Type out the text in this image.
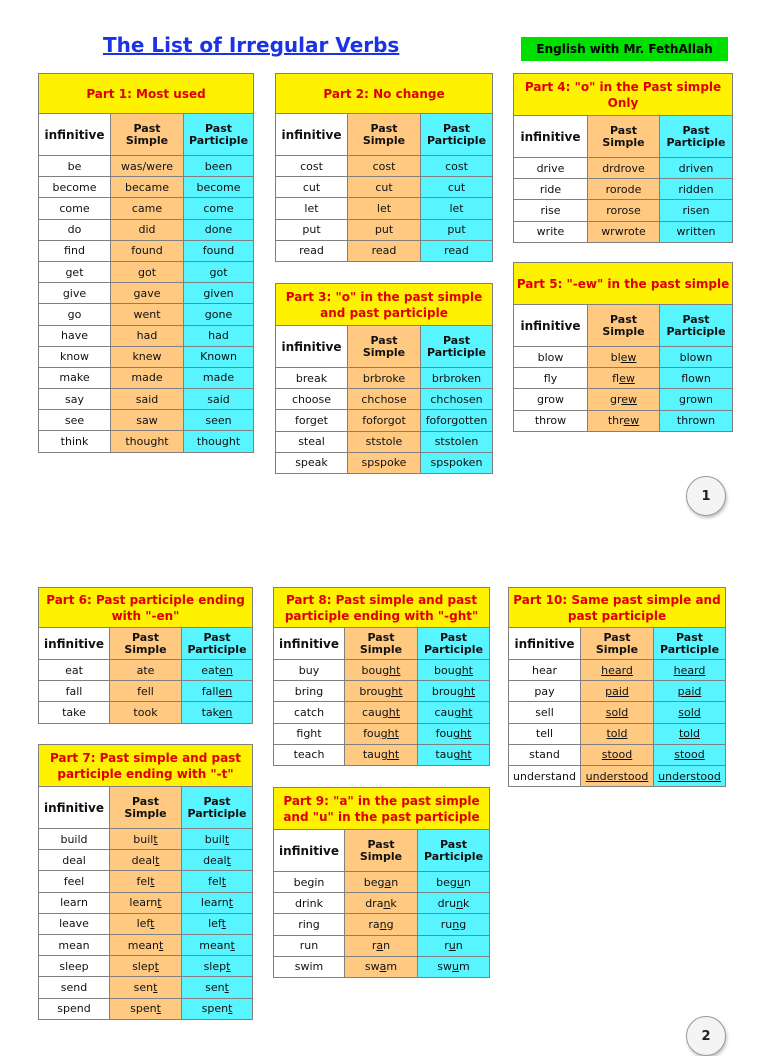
The List of Irregular Verbs	English with Mr. FethAllah
1
2
Part 1: Most used		
infinitive	Past Simple	Past Participle
be	was/were	been
become	became	become
come	came	come
do	did	done
find	found	found
get	got	got
give	gave	given
go	went	gone
have	had	had
know	knew	Known
make	made	made
say	said	said
see	saw	seen
think	thought	thought
Part 2: No change		
infinitive	Past Simple	Past Participle
cost	cost	cost
cut	cut	cut
let	let	let
put	put	put
read	read	read
Part 3: "o" in the past simple and past participle		
infinitive	Past Simple	Past Participle
break	brbroke	brbroken
choose	chchose	chchosen
forget	foforgot	foforgotten
steal	ststole	ststolen
speak	spspoke	spspoken
Part 4: "o" in the Past simple Only		
infinitive	Past Simple	Past Participle
drive	drdrove	driven
ride	rorode	ridden
rise	rorose	risen
write	wrwrote	written
Part 5: "-ew" in the past simple		
infinitive	Past Simple	Past Participle
blow	blew	blown
fly	flew	flown
grow	grew	grown
throw	threw	thrown
Part 6: Past participle ending with "-en"		
infinitive	Past Simple	Past Participle
eat	ate	eaten
fall	fell	fallen
take	took	taken
Part 7: Past simple and past participle ending with "-t"		
infinitive	Past Simple	Past Participle
build	built	built
deal	dealt	dealt
feel	felt	felt
learn	learnt	learnt
leave	left	left
mean	meant	meant
sleep	slept	slept
send	sent	sent
spend	spent	spent
Part 8: Past simple and past participle ending with "-ght"		
infinitive	Past Simple	Past Participle
buy	bought	bought
bring	brought	brought
catch	caught	caught
fight	fought	fought
teach	taught	taught
Part 9: "a" in the past simple and "u" in the past participle		
infinitive	Past Simple	Past Participle
begin	began	begun
drink	drank	drunk
ring	rang	rung
run	ran	run
swim	swam	swum
Part 10: Same past simple and past participle		
infinitive	Past Simple	Past Participle
hear	heard	heard
pay	paid	paid
sell	sold	sold
tell	told	told
stand	stood	stood
understand	understood	understood
